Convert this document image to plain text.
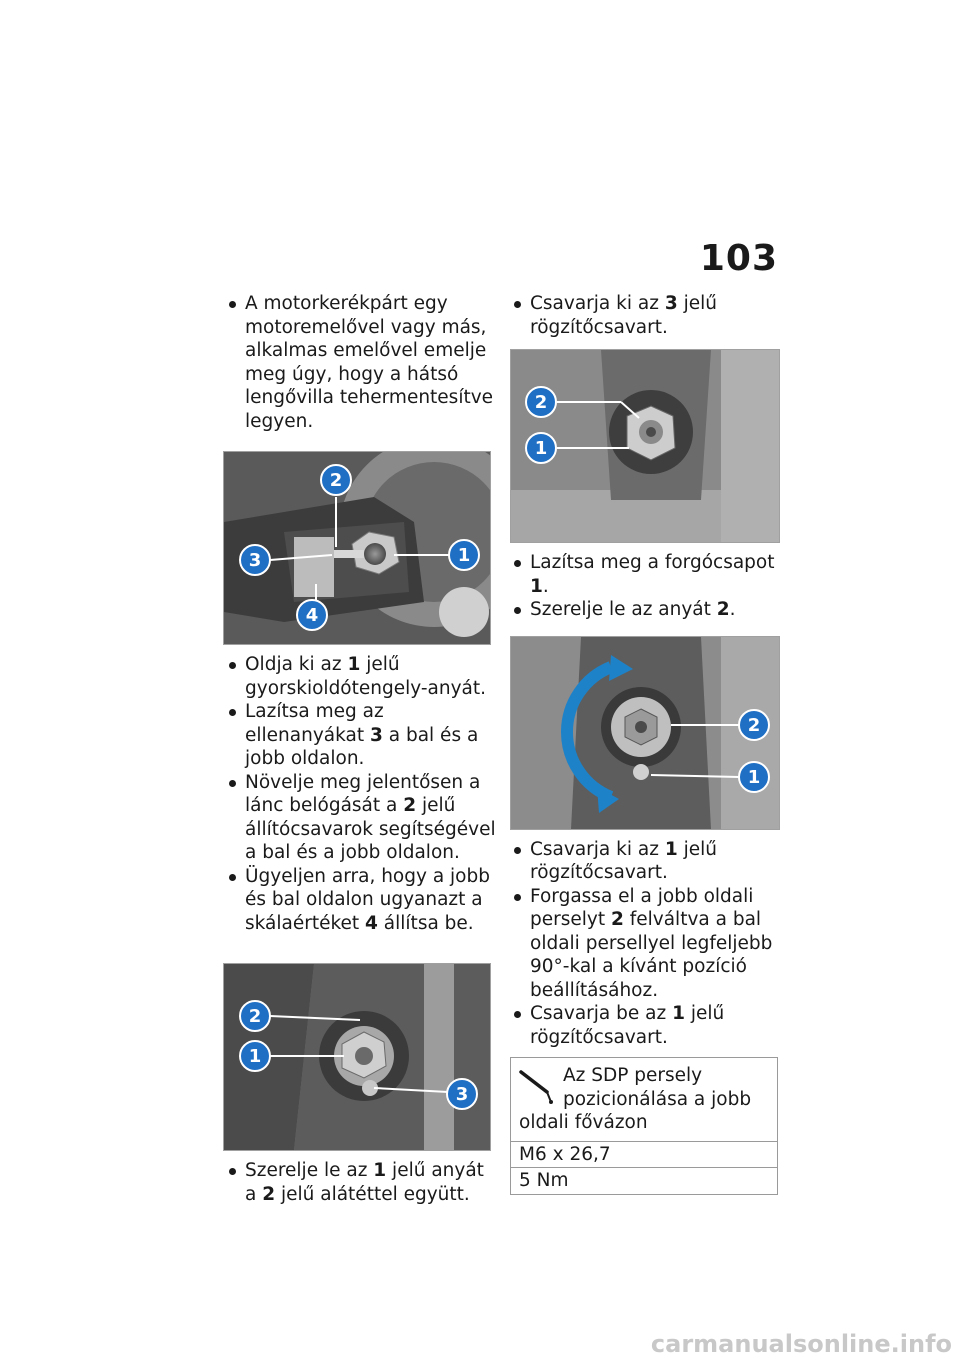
103

A motorkerékpárt egy motoremelővel vagy más, alkalmas emelővel emelje meg úgy, hogy a hátsó lengővilla tehermentesítve legyen.

2
3	1
4

Oldja ki az 1 jelű gyorskioldótengely-anyát.

Lazítsa meg az ellenanyákat 3 a bal és a jobb oldalon.

Növelje meg jelentősen a lánc belógását a 2 jelű állítócsavarok segítségével a bal és a jobb oldalon.

Ügyeljen arra, hogy a jobb és bal oldalon ugyanazt a skálaértéket 4 állítsa be.

2
1
3

Szerelje le az 1 jelű anyát a 2 jelű alátéttel együtt.

Csavarja ki az 3 jelű rögzítőcsavart.

2
1

Lazítsa meg a forgócsapot 1.

Szerelje le az anyát 2.

2
1

Csavarja ki az 1 jelű rögzítőcsavart.

Forgassa el a jobb oldali perselyt 2 felváltva a bal oldali persellyel legfeljebb 90°-kal a kívánt pozíció beállításához.

Csavarja be az 1 jelű rögzítőcsavart.

Az SDP persely pozicionálása a jobb oldali fővázon
M6 x 26,7
5 Nm
carmanualsonline.info
